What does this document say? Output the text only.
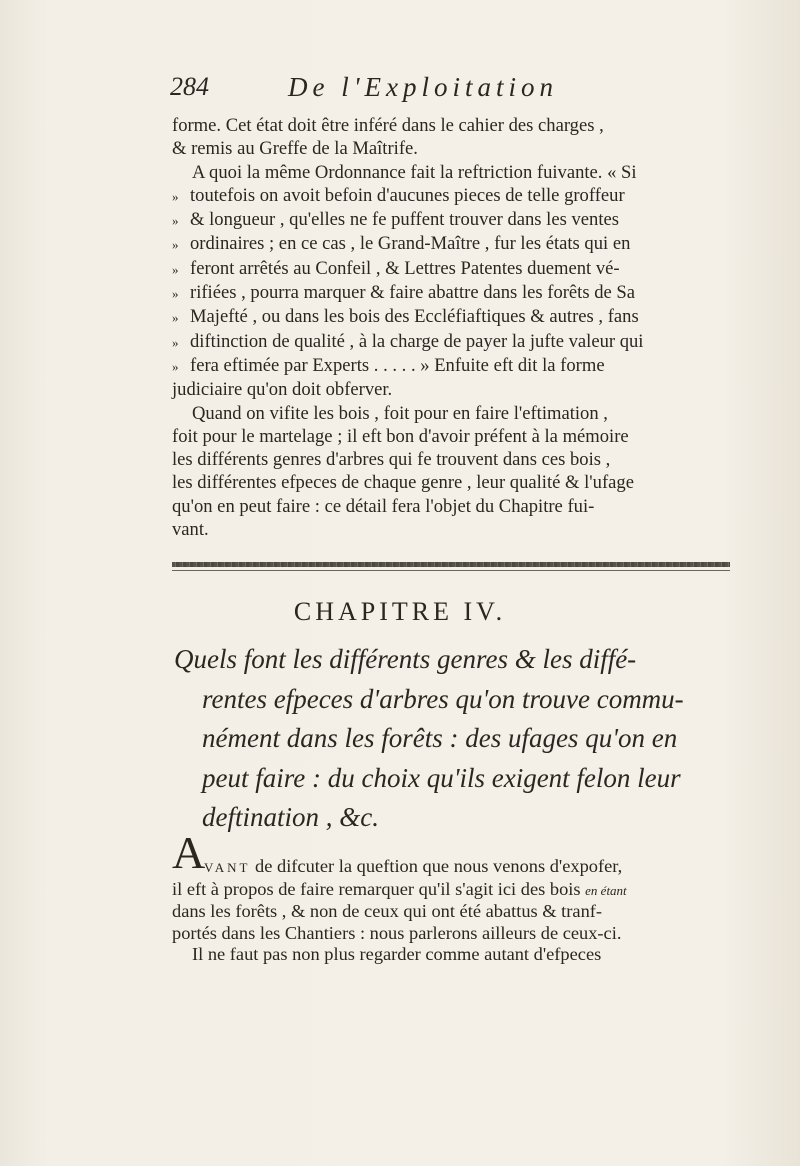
284	De l'Exploitation

forme. Cet état doit être inféré dans le cahier des charges ,

& remis au Greffe de la Maîtrife.

A quoi la même Ordonnance fait la reftriction fuivante. « Si

» toutefois on avoit befoin d'aucunes pieces de telle groffeur

» & longueur , qu'elles ne fe puffent trouver dans les ventes

» ordinaires ; en ce cas , le Grand-Maître , fur les états qui en

» feront arrêtés au Confeil , & Lettres Patentes duement vé-

» rifiées , pourra marquer & faire abattre dans les forêts de Sa

» Majefté , ou dans les bois des Eccléfiaftiques & autres , fans

» diftinction de qualité , à la charge de payer la jufte valeur qui

» fera eftimée par Experts . . . . . » Enfuite eft dit la forme

judiciaire qu'on doit obferver.

Quand on vifite les bois , foit pour en faire l'eftimation ,

foit pour le martelage ; il eft bon d'avoir préfent à la mémoire

les différents genres d'arbres qui fe trouvent dans ces bois ,

les différentes efpeces de chaque genre , leur qualité & l'ufage

qu'on en peut faire : ce détail fera l'objet du Chapitre fui-

vant.

CHAPITRE IV.

Quels font les différents genres & les diffé-

rentes efpeces d'arbres qu'on trouve commu-

nément dans les forêts : des ufages qu'on en

peut faire : du choix qu'ils exigent felon leur

deftination , &c.

A

VANT de difcuter la queftion que nous venons d'expofer,

il eft à propos de faire remarquer qu'il s'agit ici des bois en étant

dans les forêts , & non de ceux qui ont été abattus & tranf-

portés dans les Chantiers : nous parlerons ailleurs de ceux-ci.

Il ne faut pas non plus regarder comme autant d'efpeces
